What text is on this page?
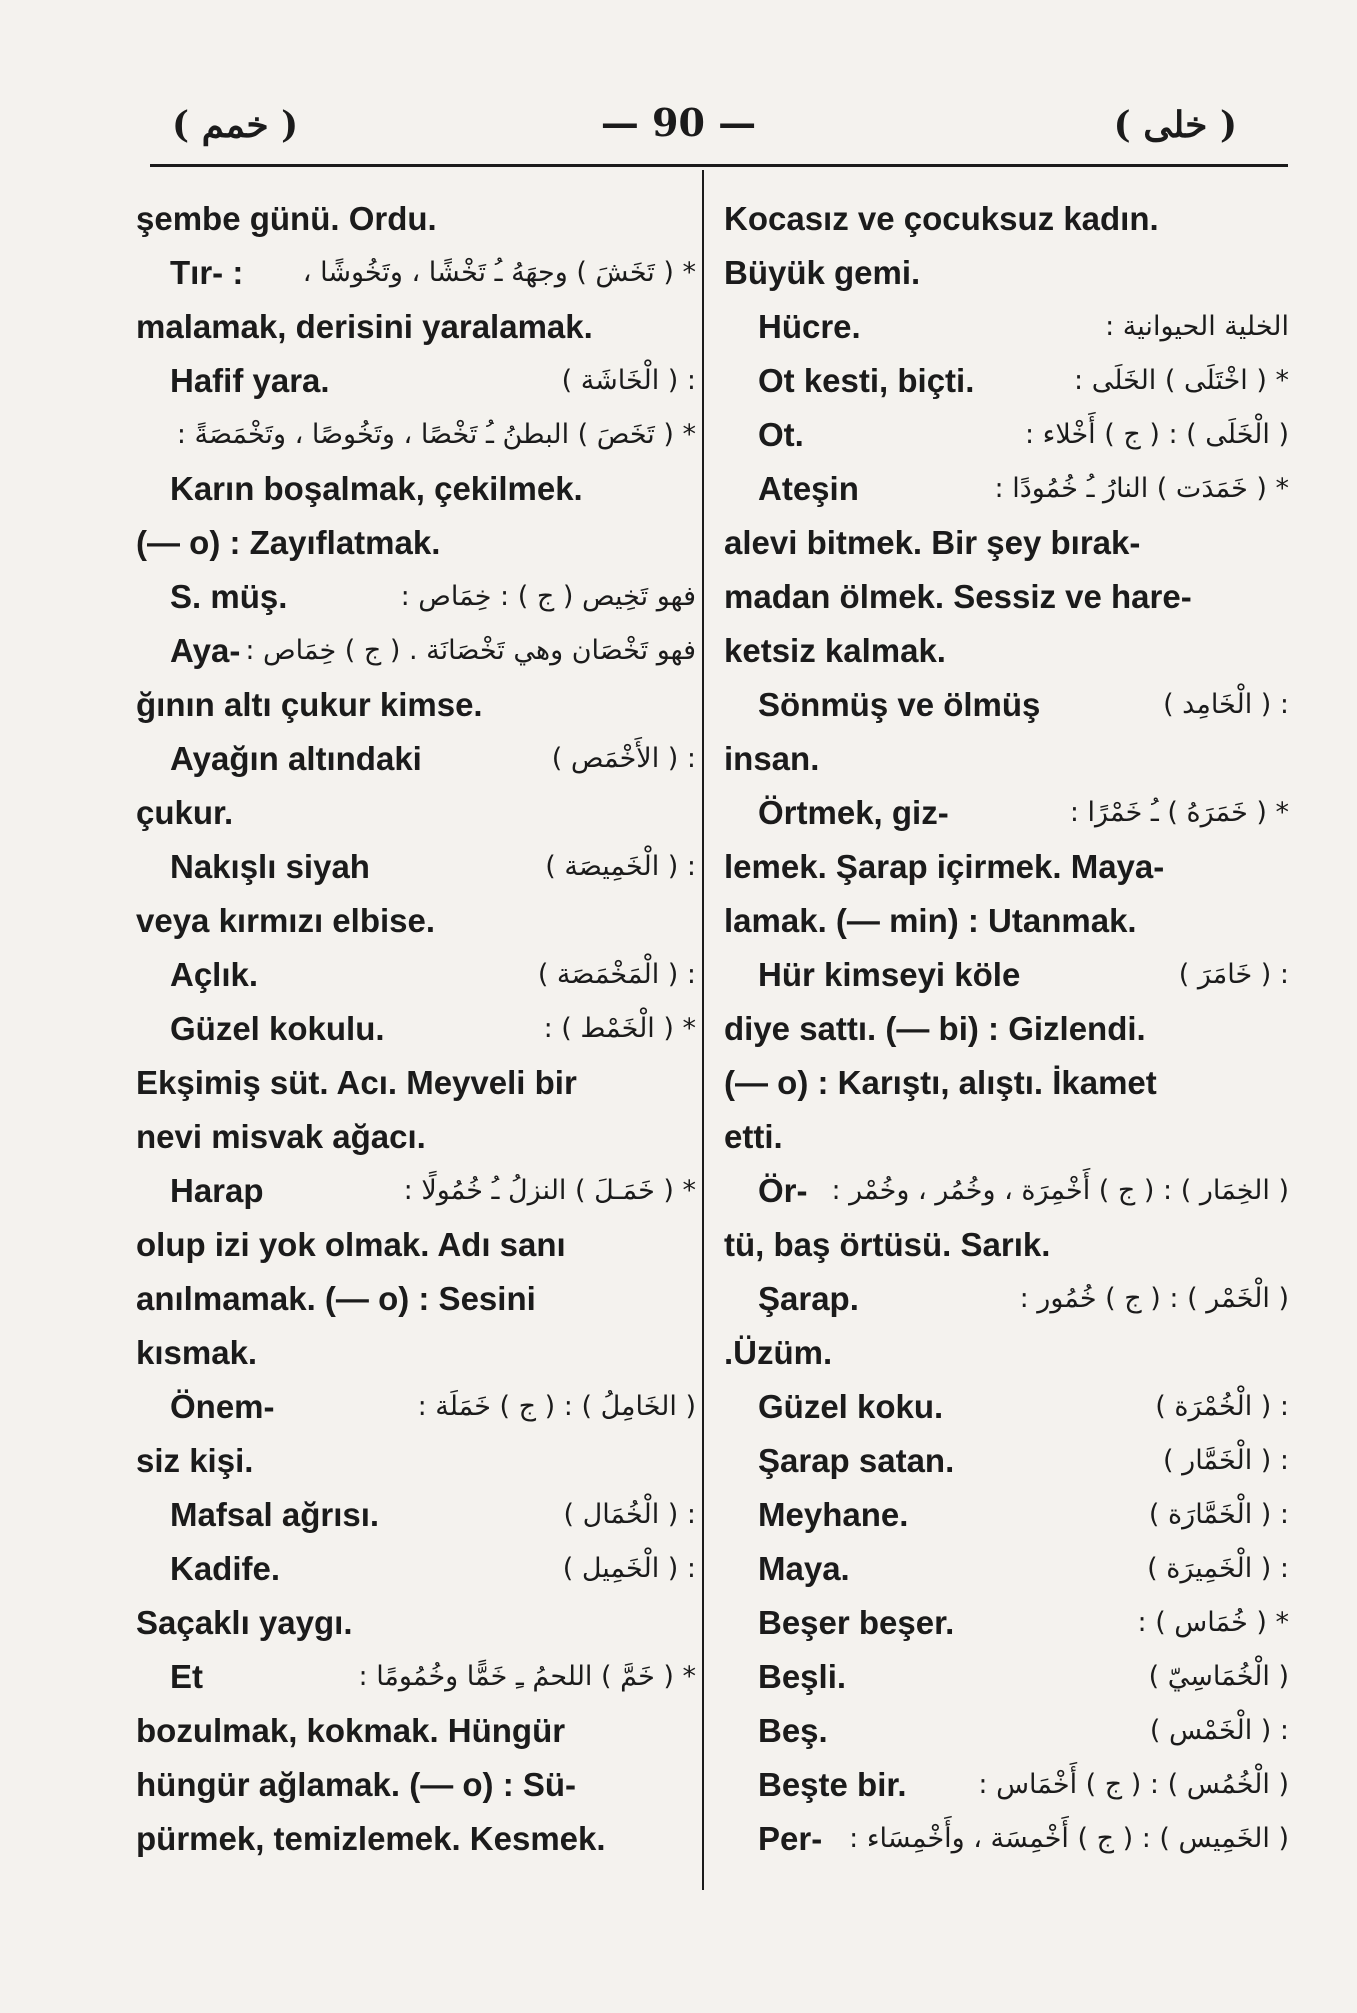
( خمم )	— 90 —	( خلى )
şembe günü. Ordu.
Tır- : * ( تَخَشَ ) وجهَهُ ـُ تَخْشًا ، وتَخُوشًا ،
malamak, derisini yaralamak.
Hafif yara.	: ( الْخَاشَة )
* ( تَخَصَ ) البطنُ ـُ تَخْصًا ، وتَخُوصًا ، وتَخْمَصَةً :
Karın boşalmak, çekilmek.
(— o) : Zayıflatmak.
S. müş.	فهو تَخِيص ( ج ) : خِمَاص :
Aya- فهو تَخْصَان وهي تَخْصَانَة . ( ج ) خِمَاص :
ğının altı çukur kimse.
Ayağın altındaki	: ( الأَخْمَص )
çukur.
Nakışlı siyah	: ( الْخَمِيصَة )
veya kırmızı elbise.
Açlık.	: ( الْمَخْمَصَة )
Güzel kokulu.	* ( الْخَمْط ) :
Ekşimiş süt. Acı. Meyveli bir
nevi misvak ağacı.
Harap	* ( خَمَـلَ ) النزلُ ـُ خُمُولًا :
olup izi yok olmak. Adı sanı
anılmamak. (— o) : Sesini
kısmak.
Önem-	( الخَامِلُ ) : ( ج ) خَمَلَة :
siz kişi.
Mafsal ağrısı.	: ( الْخُمَال )
Kadife.	: ( الْخَمِيل )
Saçaklı yaygı.
Et	* ( خَمَّ ) اللحمُ ـِ خَمًّا وخُمُومًا :
bozulmak, kokmak. Hüngür
hüngür ağlamak. (— o) : Sü-
pürmek, temizlemek. Kesmek.
Kocasız ve çocuksuz kadın.
Büyük gemi.
Hücre.	الخلية الحيوانية :
Ot kesti, biçti.	* ( اخْتَلَى ) الخَلَى :
Ot.	( الْخَلَى ) : ( ج ) أَخْلاء :
Ateşin	* ( خَمَدَت ) النارُ ـُ خُمُودًا :
alevi bitmek. Bir şey bırak-
madan ölmek. Sessiz ve hare-
ketsiz kalmak.
Sönmüş ve ölmüş	: ( الْخَامِد )
insan.
Örtmek, giz-	* ( خَمَرَهُ ) ـُ خَمْرًا :
lemek. Şarap içirmek. Maya-
lamak. (— min) : Utanmak.
Hür kimseyi köle	: ( خَامَرَ )
diye sattı. (— bi) : Gizlendi.
(— o) : Karıştı, alıştı. İkamet
etti.
Ör- ( الخِمَار ) : ( ج ) أَخْمِرَة ، وخُمُر ، وخُمْر :
tü, baş örtüsü. Sarık.
Şarap.	( الْخَمْر ) : ( ج ) خُمُور :
.Üzüm.
Güzel koku.	: ( الْخُمْرَة )
Şarap satan.	: ( الْخَمَّار )
Meyhane.	: ( الْخَمَّارَة )
Maya.	: ( الْخَمِيرَة )
Beşer beşer.	* ( خُمَاس ) :
Beşli.	( الْخُمَاسِيّ )
Beş.	: ( الْخَمْس )
Beşte bir.	( الْخُمُس ) : ( ج ) أَخْمَاس :
Per- ( الخَمِيس ) : ( ج ) أَخْمِسَة ، وأَخْمِسَاء :
